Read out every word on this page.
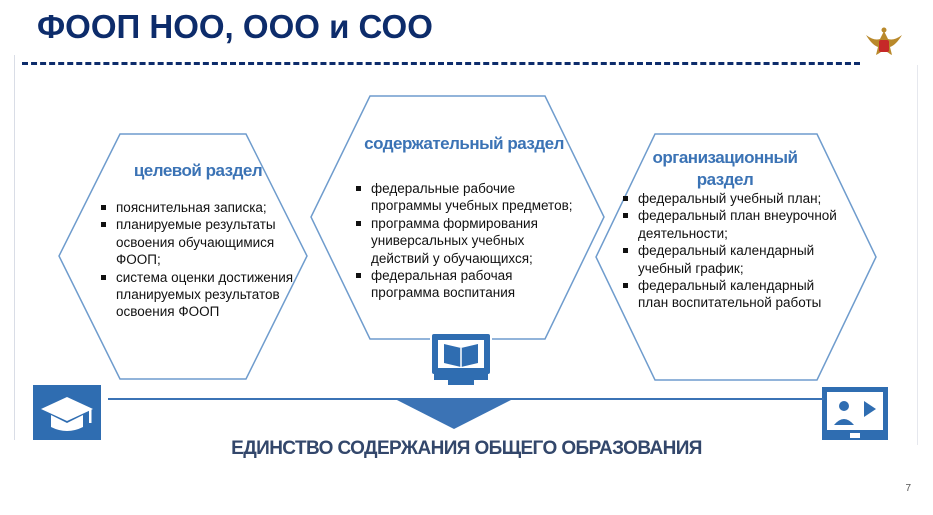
ФООП НОО, ООО и СОО
целевой раздел
пояснительная записка;
планируемые результаты освоения обучающимися ФООП;
система оценки достижения планируемых результатов освоения ФООП
содержательный раздел
федеральные рабочие программы учебных предметов;
программа формирования универсальных учебных действий у обучающихся;
федеральная рабочая программа воспитания
организационный раздел
федеральный учебный план;
федеральный план внеурочной деятельности;
федеральный календарный учебный график;
федеральный календарный план воспитательной работы
ЕДИНСТВО СОДЕРЖАНИЯ ОБЩЕГО ОБРАЗОВАНИЯ
7
